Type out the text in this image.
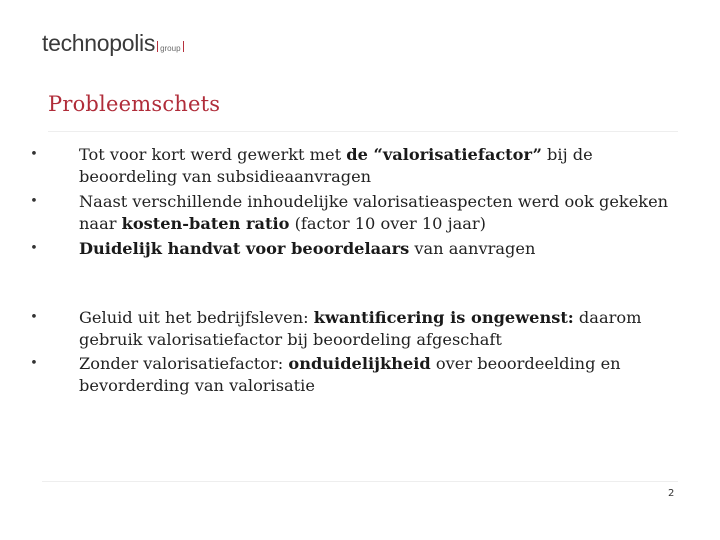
technopolis group
Probleemschets
•	Tot voor kort werd gewerkt met de “valorisatiefactor” bij de beoordeling van subsidieaanvragen
•	Naast verschillende inhoudelijke valorisatieaspecten werd ook gekeken naar kosten-baten ratio (factor 10 over 10 jaar)
•	Duidelijk handvat voor beoordelaars van aanvragen
•	Geluid uit het bedrijfsleven: kwantificering is ongewenst: daarom gebruik valorisatiefactor bij beoordeling afgeschaft
•	Zonder valorisatiefactor: onduidelijkheid over beoordeelding en bevorderding van valorisatie
2
